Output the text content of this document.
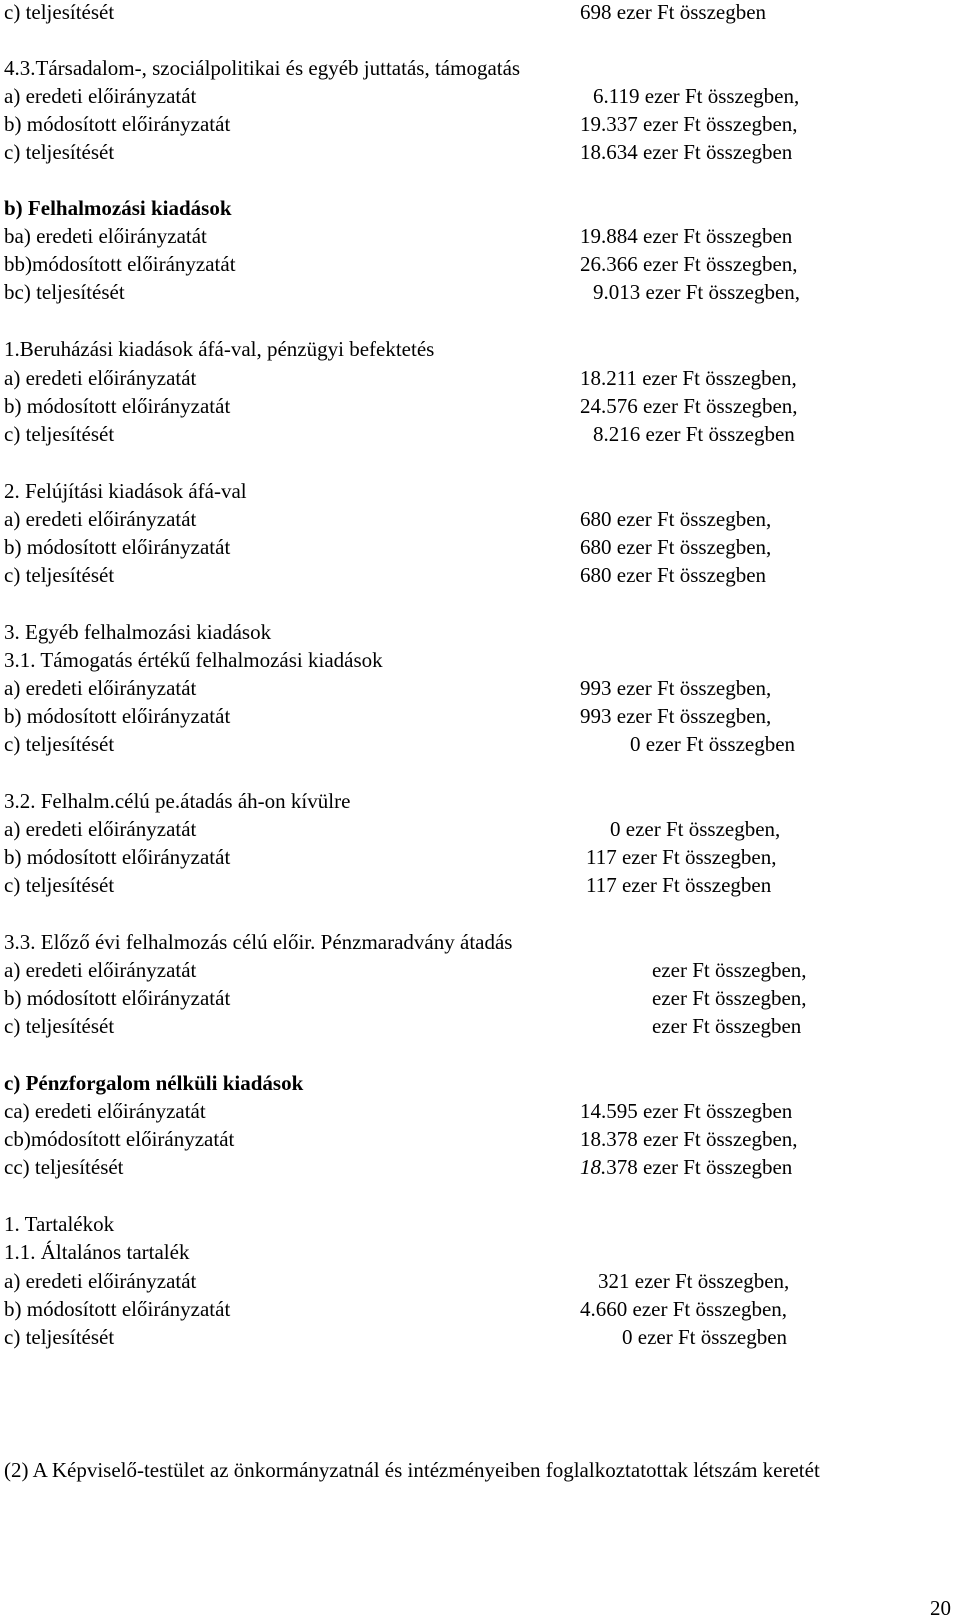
c) teljesítését	698 ezer Ft összegben
4.3.Társadalom-, szociálpolitikai és egyéb juttatás, támogatás
a) eredeti előirányzatát	6.119 ezer Ft összegben,
b) módosított előirányzatát	19.337 ezer Ft összegben,
c) teljesítését	18.634 ezer Ft összegben
b) Felhalmozási kiadások
ba) eredeti előirányzatát	19.884 ezer Ft összegben
bb)módosított előirányzatát	26.366 ezer Ft összegben,
bc) teljesítését	9.013 ezer Ft összegben,
1.Beruházási kiadások áfá-val, pénzügyi befektetés
a) eredeti előirányzatát	18.211 ezer Ft összegben,
b) módosított előirányzatát	24.576 ezer Ft összegben,
c) teljesítését	8.216 ezer Ft összegben
2. Felújítási kiadások áfá-val
a) eredeti előirányzatát	680 ezer Ft összegben,
b) módosított előirányzatát	680 ezer Ft összegben,
c) teljesítését	680 ezer Ft összegben
3. Egyéb felhalmozási kiadások
3.1. Támogatás értékű felhalmozási kiadások
a) eredeti előirányzatát	993 ezer Ft összegben,
b) módosított előirányzatát	993 ezer Ft összegben,
c) teljesítését	0 ezer Ft összegben
3.2. Felhalm.célú pe.átadás áh-on kívülre
a) eredeti előirányzatát	0 ezer Ft összegben,
b) módosított előirányzatát	117 ezer Ft összegben,
c) teljesítését	117 ezer Ft összegben
3.3. Előző évi felhalmozás célú előir. Pénzmaradvány átadás
a) eredeti előirányzatát	ezer Ft összegben,
b) módosított előirányzatát	ezer Ft összegben,
c) teljesítését	ezer Ft összegben
c) Pénzforgalom nélküli kiadások
ca) eredeti előirányzatát	14.595 ezer Ft összegben
cb)módosított előirányzatát	18.378 ezer Ft összegben,
cc) teljesítését	18.378 ezer Ft összegben
1. Tartalékok
1.1. Általános tartalék
a) eredeti előirányzatát	321 ezer Ft összegben,
b) módosított előirányzatát	4.660 ezer Ft összegben,
c) teljesítését	0 ezer Ft összegben
(2) A Képviselő-testület az önkormányzatnál és intézményeiben foglalkoztatottak létszám keretét
20
